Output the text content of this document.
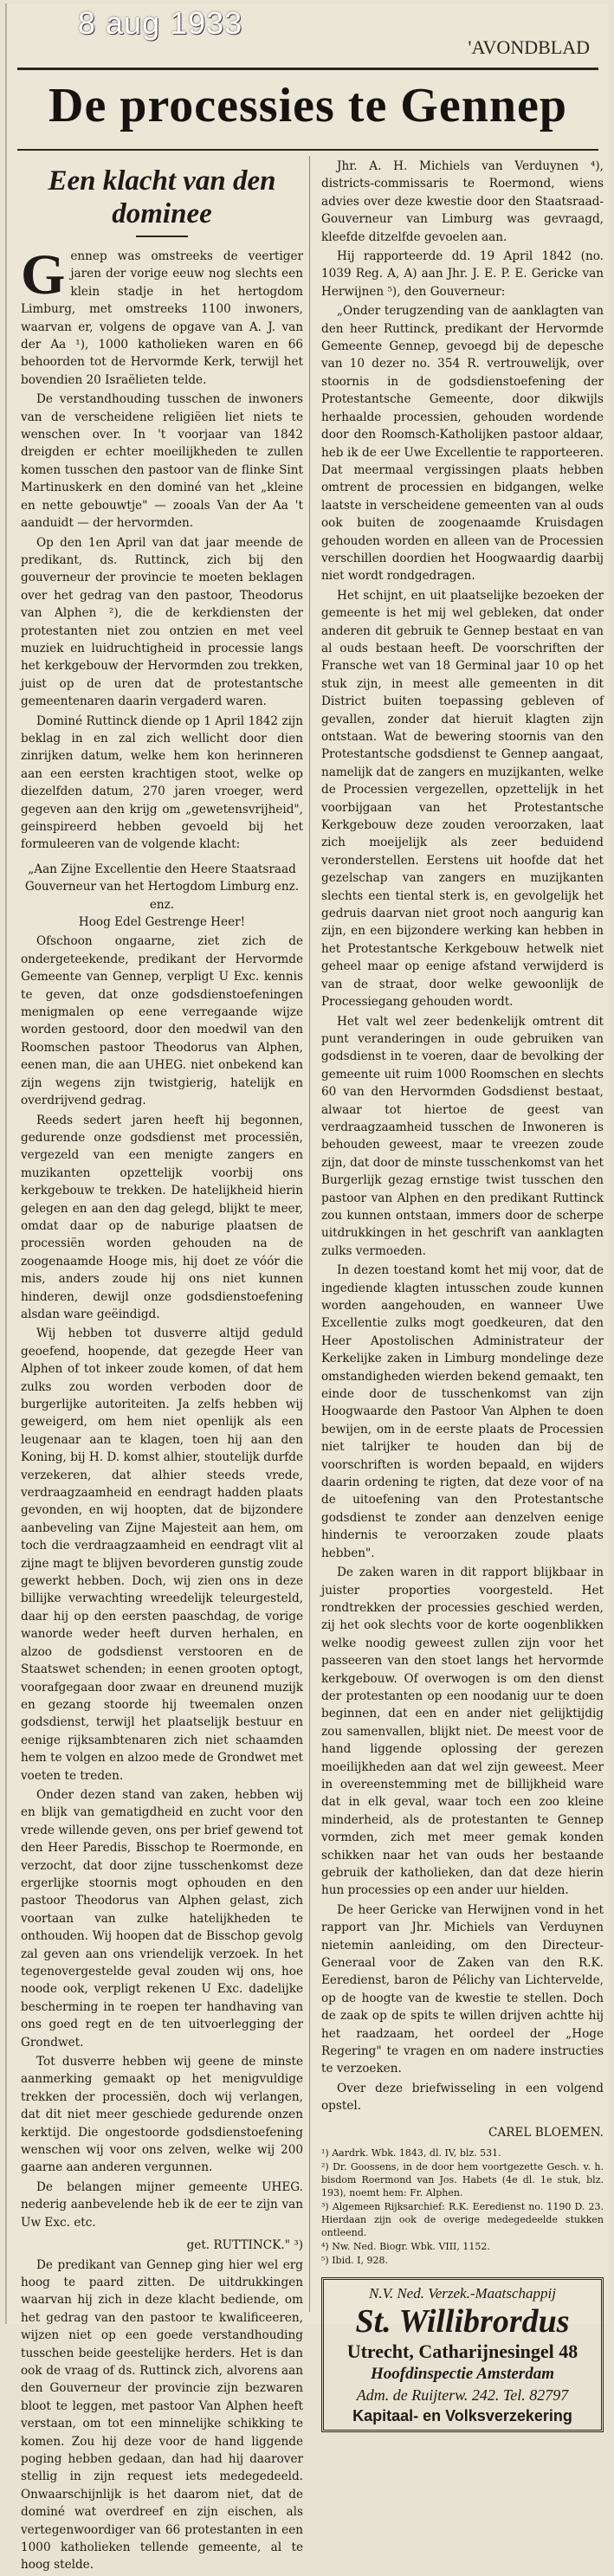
8 aug 1933
'AVONDBLAD
De processies te Gennep
Een klacht van den dominee

Gennep was omstreeks de veertiger jaren der vorige eeuw nog slechts een klein stadje in het hertogdom Limburg, met omstreeks 1100 inwoners, waarvan er, volgens de opgave van A. J. van der Aa ¹), 1000 katholieken waren en 66 behoorden tot de Hervormde Kerk, terwijl het bovendien 20 Israëlieten telde.

De verstandhouding tusschen de inwoners van de verscheidene religiëen liet niets te wenschen over. In 't voorjaar van 1842 dreigden er echter moeilijkheden te zullen komen tusschen den pastoor van de flinke Sint Martinuskerk en den dominé van het „kleine en nette gebouwtje" — zooals Van der Aa 't aanduidt — der hervormden.

Op den 1en April van dat jaar meende de predikant, ds. Ruttinck, zich bij den gouverneur der provincie te moeten beklagen over het gedrag van den pastoor, Theodorus van Alphen ²), die de kerkdiensten der protestanten niet zou ontzien en met veel muziek en luidruchtigheid in processie langs het kerkgebouw der Hervormden zou trekken, juist op de uren dat de protestantsche gemeentenaren daarin vergaderd waren.

Dominé Ruttinck diende op 1 April 1842 zijn beklag in en zal zich wellicht door dien zinrijken datum, welke hem kon herinneren aan een eersten krachtigen stoot, welke op diezelfden datum, 270 jaren vroeger, werd gegeven aan den krijg om „gewetensvrijheid", geinspireerd hebben gevoeld bij het formuleeren van de volgende klacht:

„Aan Zijne Excellentie den Heere Staatsraad Gouverneur van het Hertogdom Limburg enz. enz.
Hoog Edel Gestrenge Heer!

Ofschoon ongaarne, ziet zich de ondergeteekende, predikant der Hervormde Gemeente van Gennep, verpligt U Exc. kennis te geven, dat onze godsdienstoefeningen menigmalen op eene verregaande wijze worden gestoord, door den moedwil van den Roomschen pastoor Theodorus van Alphen, eenen man, die aan UHEG. niet onbekend kan zijn wegens zijn twistgierig, hatelijk en overdrijvend gedrag.

Reeds sedert jaren heeft hij begonnen, gedurende onze godsdienst met processiën, vergezeld van een menigte zangers en muzikanten opzettelijk voorbij ons kerkgebouw te trekken. De hatelijkheid hierin gelegen en aan den dag gelegd, blijkt te meer, omdat daar op de naburige plaatsen de processiën worden gehouden na de zoogenaamde Hooge mis, hij doet ze vóór die mis, anders zoude hij ons niet kunnen hinderen, dewijl onze godsdienstoefening alsdan ware geëindigd.

Wij hebben tot dusverre altijd geduld geoefend, hoopende, dat gezegde Heer van Alphen of tot inkeer zoude komen, of dat hem zulks zou worden verboden door de burgerlijke autoriteiten. Ja zelfs hebben wij geweigerd, om hem niet openlijk als een leugenaar aan te klagen, toen hij aan den Koning, bij H. D. komst alhier, stoutelijk durfde verzekeren, dat alhier steeds vrede, verdraagzaamheid en eendragt hadden plaats gevonden, en wij hoopten, dat de bijzondere aanbeveling van Zijne Majesteit aan hem, om toch die verdraagzaamheid en eendragt vlit al zijne magt te blijven bevorderen gunstig zoude gewerkt hebben. Doch, wij zien ons in deze billijke verwachting wreedelijk teleurgesteld, daar hij op den eersten paaschdag, de vorige wanorde weder heeft durven herhalen, en alzoo de godsdienst verstooren en de Staatswet schenden; in eenen grooten optogt, voorafgegaan door zwaar en dreunend muzijk en gezang stoorde hij tweemalen onzen godsdienst, terwijl het plaatselijk bestuur en eenige rijksambtenaren zich niet schaamden hem te volgen en alzoo mede de Grondwet met voeten te treden.

Onder dezen stand van zaken, hebben wij en blijk van gematigdheid en zucht voor den vrede willende geven, ons per brief gewend tot den Heer Paredis, Bisschop te Roermonde, en verzocht, dat door zijne tusschenkomst deze ergerlijke stoornis mogt ophouden en den pastoor Theodorus van Alphen gelast, zich voortaan van zulke hatelijkheden te onthouden. Wij hoopen dat de Bisschop gevolg zal geven aan ons vriendelijk verzoek. In het tegenovergestelde geval zouden wij ons, hoe noode ook, verpligt rekenen U Exc. dadelijke bescherming in te roepen ter handhaving van ons goed regt en de ten uitvoerlegging der Grondwet.

Tot dusverre hebben wij geene de minste aanmerking gemaakt op het menigvuldige trekken der processiën, doch wij verlangen, dat dit niet meer geschiede gedurende onzen kerktijd. Die ongestoorde godsdienstoefening wenschen wij voor ons zelven, welke wij 200 gaarne aan anderen vergunnen.

De belangen mijner gemeente UHEG. nederig aanbevelende heb ik de eer te zijn van Uw Exc. etc.

get. RUTTINCK." ³)

De predikant van Gennep ging hier wel erg hoog te paard zitten. De uitdrukkingen waarvan hij zich in deze klacht bediende, om het gedrag van den pastoor te kwalificeeren, wijzen niet op een goede verstandhouding tusschen beide geestelijke herders. Het is dan ook de vraag of ds. Ruttinck zich, alvorens aan den Gouverneur der provincie zijn bezwaren bloot te leggen, met pastoor Van Alphen heeft verstaan, om tot een minnelijke schikking te komen. Zou hij deze voor de hand liggende poging hebben gedaan, dan had hij daarover stellig in zijn request iets medegedeeld. Onwaarschijnlijk is het daarom niet, dat de dominé wat overdreef en zijn eischen, als vertegenwoordiger van 66 protestanten in een 1000 katholieken tellende gemeente, al te hoog stelde.

Jhr. A. H. Michiels van Verduynen ⁴), districts-commissaris te Roermond, wiens advies over deze kwestie door den Staatsraad-Gouverneur van Limburg was gevraagd, kleefde ditzelfde gevoelen aan.

Hij rapporteerde dd. 19 April 1842 (no. 1039 Reg. A, A) aan Jhr. J. E. P. E. Gericke van Herwijnen ⁵), den Gouverneur:

„Onder terugzending van de aanklagten van den heer Ruttinck, predikant der Hervormde Gemeente Gennep, gevoegd bij de depesche van 10 dezer no. 354 R. vertrouwelijk, over stoornis in de godsdienstoefening der Protestantsche Gemeente, door dikwijls herhaalde processien, gehouden wordende door den Roomsch-Katholijken pastoor aldaar, heb ik de eer Uwe Excellentie te rapporteeren. Dat meermaal vergissingen plaats hebben omtrent de processien en bidgangen, welke laatste in verscheidene gemeenten van al ouds ook buiten de zoogenaamde Kruisdagen gehouden worden en alleen van de Processien verschillen doordien het Hoogwaardig daarbij niet wordt rondgedragen.

Het schijnt, en uit plaatselijke bezoeken der gemeente is het mij wel gebleken, dat onder anderen dit gebruik te Gennep bestaat en van al ouds bestaan heeft. De voorschriften der Fransche wet van 18 Germinal jaar 10 op het stuk zijn, in meest alle gemeenten in dit District buiten toepassing gebleven of gevallen, zonder dat hieruit klagten zijn ontstaan. Wat de bewering stoornis van den Protestantsche godsdienst te Gennep aangaat, namelijk dat de zangers en muzijkanten, welke de Processien vergezellen, opzettelijk in het voorbijgaan van het Protestantsche Kerkgebouw deze zouden veroorzaken, laat zich moeijelijk als zeer beduidend veronderstellen. Eerstens uit hoofde dat het gezelschap van zangers en muzijkanten slechts een tiental sterk is, en gevolgelijk het gedruis daarvan niet groot noch aangurig kan zijn, en een bijzondere werking kan hebben in het Protestantsche Kerkgebouw hetwelk niet geheel maar op eenige afstand verwijderd is van de straat, door welke gewoonlijk de Processiegang gehouden wordt.

Het valt wel zeer bedenkelijk omtrent dit punt veranderingen in oude gebruiken van godsdienst in te voeren, daar de bevolking der gemeente uit ruim 1000 Roomschen en slechts 60 van den Hervormden Godsdienst bestaat, alwaar tot hiertoe de geest van verdraagzaamheid tusschen de Inwoneren is behouden geweest, maar te vreezen zoude zijn, dat door de minste tusschenkomst van het Burgerlijk gezag ernstige twist tusschen den pastoor van Alphen en den predikant Ruttinck zou kunnen ontstaan, immers door de scherpe uitdrukkingen in het geschrift van aanklagten zulks vermoeden.

In dezen toestand komt het mij voor, dat de ingediende klagten intusschen zoude kunnen worden aangehouden, en wanneer Uwe Excellentie zulks mogt goedkeuren, dat den Heer Apostolischen Administrateur der Kerkelijke zaken in Limburg mondelinge deze omstandigheden wierden bekend gemaakt, ten einde door de tusschenkomst van zijn Hoogwaarde den Pastoor Van Alphen te doen bewijen, om in de eerste plaats de Processien niet talrijker te houden dan bij de voorschriften is worden bepaald, en wijders daarin ordening te rigten, dat deze voor of na de uitoefening van den Protestantsche godsdienst te zonder aan denzelven eenige hindernis te veroorzaken zoude plaats hebben".

De zaken waren in dit rapport blijkbaar in juister proporties voorgesteld. Het rondtrekken der processies geschied werden, zij het ook slechts voor de korte oogenblikken welke noodig geweest zullen zijn voor het passeeren van den stoet langs het hervormde kerkgebouw. Of overwogen is om den dienst der protestanten op een noodanig uur te doen beginnen, dat een en ander niet gelijktijdig zou samenvallen, blijkt niet. De meest voor de hand liggende oplossing der gerezen moeilijkheden aan dat wel zijn geweest. Meer in overeenstemming met de billijkheid ware dat in elk geval, waar toch een zoo kleine minderheid, als de protestanten te Gennep vormden, zich met meer gemak konden schikken naar het van ouds her bestaande gebruik der katholieken, dan dat deze hierin hun processies op een ander uur hielden.

De heer Gericke van Herwijnen vond in het rapport van Jhr. Michiels van Verduynen nietemin aanleiding, om den Directeur-Generaal voor de Zaken van den R.K. Eeredienst, baron de Pélichy van Lichtervelde, op de hoogte van de kwestie te stellen. Doch de zaak op de spits te willen drijven achtte hij het raadzaam, het oordeel der „Hoge Regering" te vragen en om nadere instructies te verzoeken.

Over deze briefwisseling in een volgend opstel.

CAREL BLOEMEN.

¹) Aardrk. Wbk. 1843, dl. IV, blz. 531.
²) Dr. Goossens, in de door hem voortgezette Gesch. v. h. bisdom Roermond van Jos. Habets (4e dl. 1e stuk, blz. 193), noemt hem: Fr. Alphen.
³) Algemeen Rijksarchief: R.K. Eeredienst no. 1190 D. 23. Hierdaan zijn ook de overige medegedeelde stukken ontleend.
⁴) Nw. Ned. Biogr. Wbk. VIII, 1152.
⁵) Ibid. I, 928.
N.V. Ned. Verzek.-Maatschappij
St. Willibrordus
Utrecht, Catharijnesingel 48
Hoofdinspectie Amsterdam
Adm. de Ruijterw. 242. Tel. 82797
Kapitaal- en Volksverzekering
